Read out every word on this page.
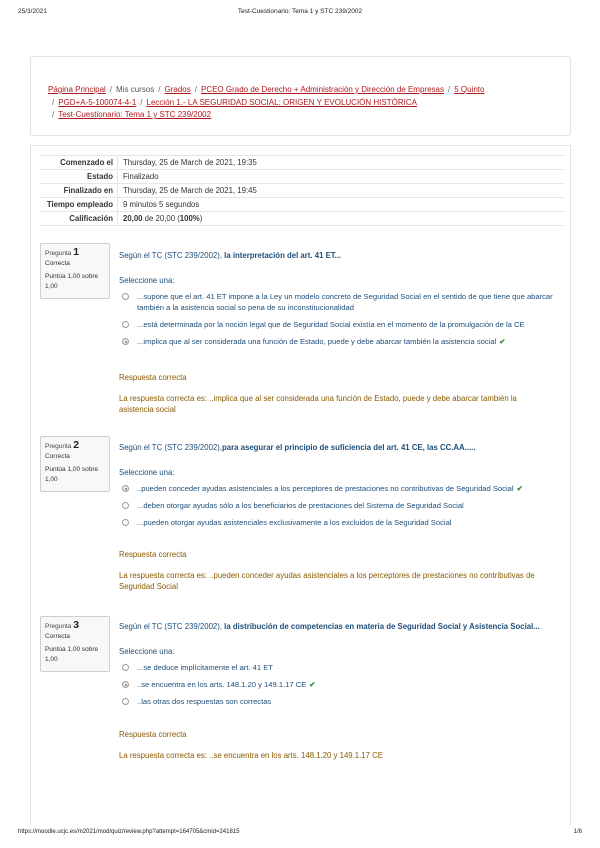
25/3/2021	Test-Cuestionario: Tema 1 y STC 239/2002
https://moodle.ucjc.es/m2021/mod/quiz/review.php?attempt=164705&cmid=241815	1/6
Página Principal / Mis cursos / Grados / PCEO Grado de Derecho + Administración y Dirección de Empresas / 5 Quinto
/ PGD+A-5-100074-4-1 / Lección 1.- LA SEGURIDAD SOCIAL: ORIGEN Y EVOLUCIÓN HISTÓRICA
/ Test-Cuestionario: Tema 1 y STC 239/2002
Comenzado el	Thursday, 25 de March de 2021, 19:35
Estado	Finalizado
Finalizado en	Thursday, 25 de March de 2021, 19:45
Tiempo empleado	9 minutos 5 segundos
Calificación	20,00 de 20,00 (100%)
Pregunta 1
Correcta
Puntúa 1,00 sobre 1,00
Según el TC (STC 239/2002), la interpretación del art. 41 ET...
Seleccione una:
...supone que el art. 41 ET impone a la Ley un modelo concreto de Seguridad Social en el sentido de que tiene que abarcar también a la asistencia social so pena de su inconstitucionalidad
...está determinada por la noción legal que de Seguridad Social existía en el momento de la promulgación de la CE
...implica que al ser considerada una función de Estado, puede y debe abarcar también la asistencia social ✔
Respuesta correcta
La respuesta correcta es: ..implica que al ser considerada una función de Estado, puede y debe abarcar también la asistencia social
Pregunta 2
Correcta
Puntúa 1,00 sobre 1,00
Según el TC (STC 239/2002),para asegurar el principio de suficiencia del art. 41 CE, las CC.AA.....
Seleccione una:
..pueden conceder ayudas asistenciales a los perceptores de prestaciones no contributivas de Seguridad Social ✔
...deben otorgar ayudas sólo a los beneficiarios de prestaciones del Sistema de Seguridad Social
...pueden otorgar ayudas asistenciales exclusivamente a los excluidos de la Seguridad Social
Respuesta correcta
La respuesta correcta es: ..pueden conceder ayudas asistenciales a los perceptores de prestaciones no contributivas de Seguridad Social
Pregunta 3
Correcta
Puntúa 1,00 sobre 1,00
Según el TC (STC 239/2002), la distribución de competencias en materia de Seguridad Social y Asistencia Social...
Seleccione una:
...se deduce implícitamente el art. 41 ET
..se encuentra en los arts. 148.1.20 y 149.1.17 CE ✔
..las otras dos respuestas son correctas
Respuesta correcta
La respuesta correcta es: ..se encuentra en los arts. 148.1.20 y 149.1.17 CE
